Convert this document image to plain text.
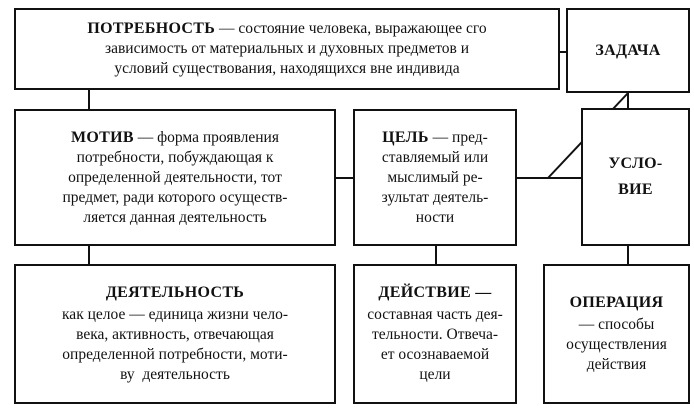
ПОТРЕБНОСТЬ — состояние человека, выражающее сго
зависимость от материальных и духовных предметов и
условий существования, находящихся вне индивида
ЗАДАЧА
МОТИВ — форма проявления
потребности, побуждающая к
определенной деятельности, тот
предмет, ради которого осуществ-
ляется данная деятельность
ЦЕЛЬ — пред-
ставляемый или
мыслимый ре-
зультат деятель-
ности
УСЛО-
ВИЕ
ДЕЯТЕЛЬНОСТЬ
как целое — единица жизни чело-
века, активность, отвечающая
определенной потребности, моти-
ву  деятельность
ДЕЙСТВИЕ —
составная часть дея-
тельности. Отвеча-
ет осознаваемой
цели
ОПЕРАЦИЯ
— способы
осуществления
действия
